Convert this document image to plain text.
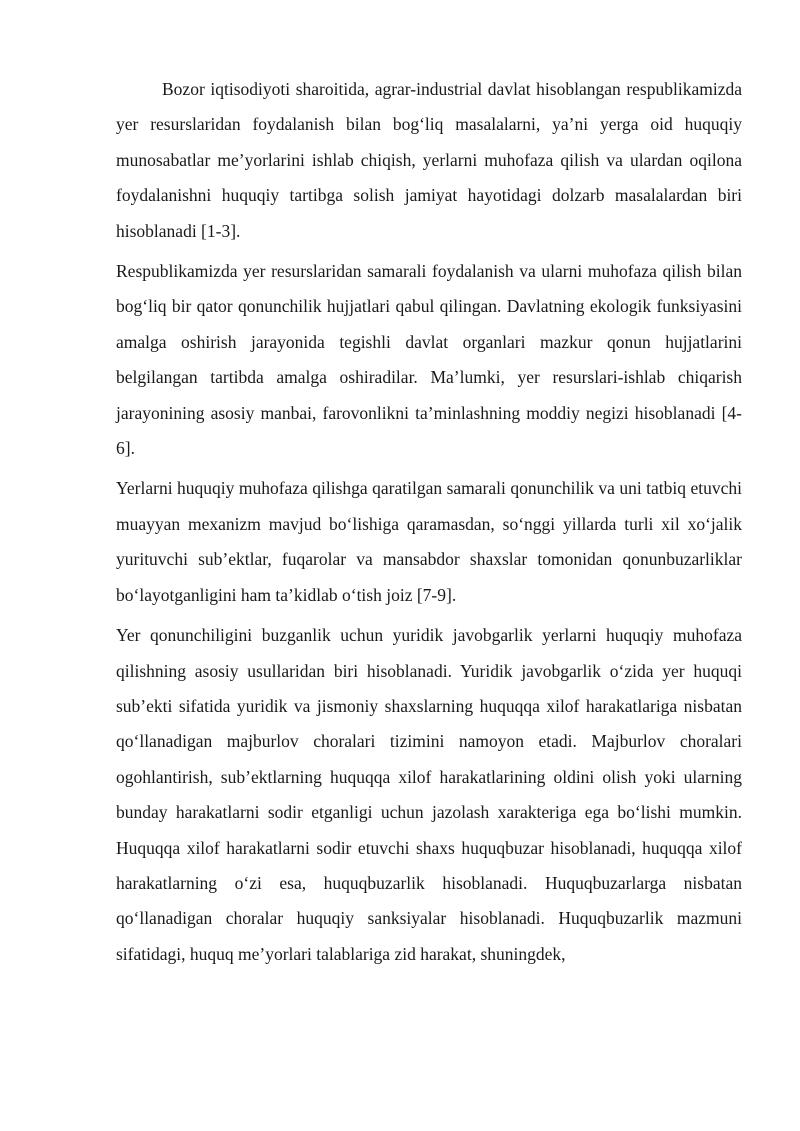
Bozor iqtisodiyoti sharoitida, agrar-industrial davlat hisoblangan respublikamizda yer resurslaridan foydalanish bilan bog‘liq masalalarni, ya’ni yerga oid huquqiy munosabatlar me’yorlarini ishlab chiqish, yerlarni muhofaza qilish va ulardan oqilona foydalanishni huquqiy tartibga solish jamiyat hayotidagi dolzarb masalalardan biri hisoblanadi [1-3].

Respublikamizda yer resurslaridan samarali foydalanish va ularni muhofaza qilish bilan bog‘liq bir qator qonunchilik hujjatlari qabul qilingan. Davlatning ekologik funksiyasini amalga oshirish jarayonida tegishli davlat organlari mazkur qonun hujjatlarini belgilangan tartibda amalga oshiradilar. Ma’lumki, yer resurslari-ishlab chiqarish jarayonining asosiy manbai, farovonlikni ta’minlashning moddiy negizi hisoblanadi [4-6].

Yerlarni huquqiy muhofaza qilishga qaratilgan samarali qonunchilik va uni tatbiq etuvchi muayyan mexanizm mavjud bo‘lishiga qaramasdan, so‘nggi yillarda turli xil xo‘jalik yurituvchi sub’ektlar, fuqarolar va mansabdor shaxslar tomonidan qonunbuzarliklar bo‘layotganligini ham ta’kidlab o‘tish joiz [7-9].

Yer qonunchiligini buzganlik uchun yuridik javobgarlik yerlarni huquqiy muhofaza qilishning asosiy usullaridan biri hisoblanadi. Yuridik javobgarlik o‘zida yer huquqi sub’ekti sifatida yuridik va jismoniy shaxslarning huquqqa xilof harakatlariga nisbatan qo‘llanadigan majburlov choralari tizimini namoyon etadi. Majburlov choralari ogohlantirish, sub’ektlarning huquqqa xilof harakatlarining oldini olish yoki ularning bunday harakatlarni sodir etganligi uchun jazolash xarakteriga ega bo‘lishi mumkin. Huquqqa xilof harakatlarni sodir etuvchi shaxs huquqbuzar hisoblanadi, huquqqa xilof harakatlarning o‘zi esa, huquqbuzarlik hisoblanadi. Huquqbuzarlarga nisbatan qo‘llanadigan choralar huquqiy sanksiyalar hisoblanadi. Huquqbuzarlik mazmuni sifatidagi, huquq me’yorlari talablariga zid harakat, shuningdek,
